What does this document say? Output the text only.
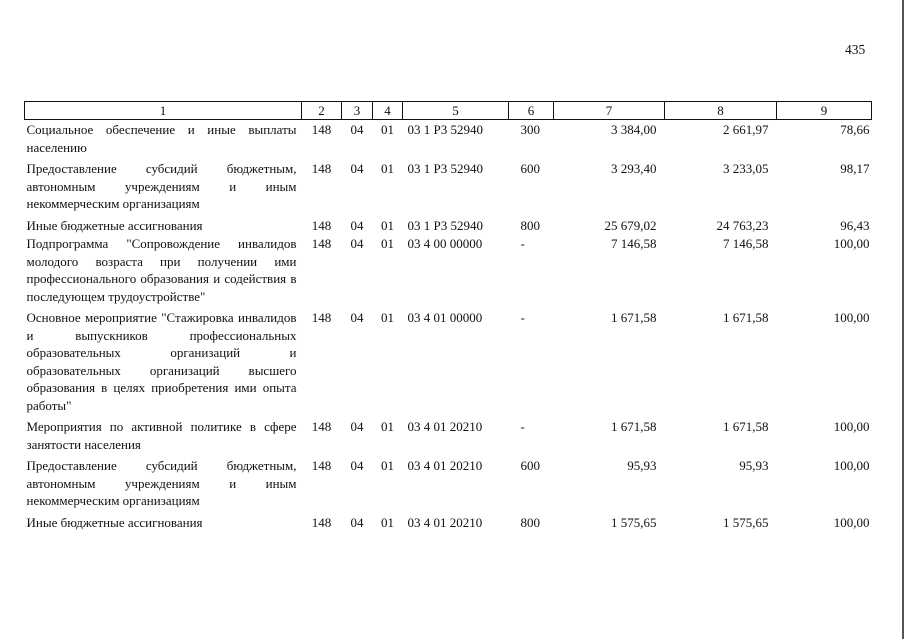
435
1	2	3	4	5	6	7	8	9
Социальное обеспечение и иные выплаты населению	148	04	01	03 1 Р3 52940	300	3 384,00	2 661,97	78,66
Предоставление субсидий бюджетным, автономным учреждениям и иным некоммерческим организациям	148	04	01	03 1 Р3 52940	600	3 293,40	3 233,05	98,17
Иные бюджетные ассигнования	148	04	01	03 1 Р3 52940	800	25 679,02	24 763,23	96,43
Подпрограмма "Сопровождение инвалидов молодого возраста при получении ими профессионального образования и содействия в последующем трудоустройстве"	148	04	01	03 4 00 00000	-	7 146,58	7 146,58	100,00
Основное мероприятие "Стажировка инвалидов и выпускников профессиональных образовательных организаций и образовательных организаций высшего образования в целях приобретения ими опыта работы"	148	04	01	03 4 01 00000	-	1 671,58	1 671,58	100,00
Мероприятия по активной политике в сфере занятости населения	148	04	01	03 4 01 20210	-	1 671,58	1 671,58	100,00
Предоставление субсидий бюджетным, автономным учреждениям и иным некоммерческим организациям	148	04	01	03 4 01 20210	600	95,93	95,93	100,00
Иные бюджетные ассигнования	148	04	01	03 4 01 20210	800	1 575,65	1 575,65	100,00
